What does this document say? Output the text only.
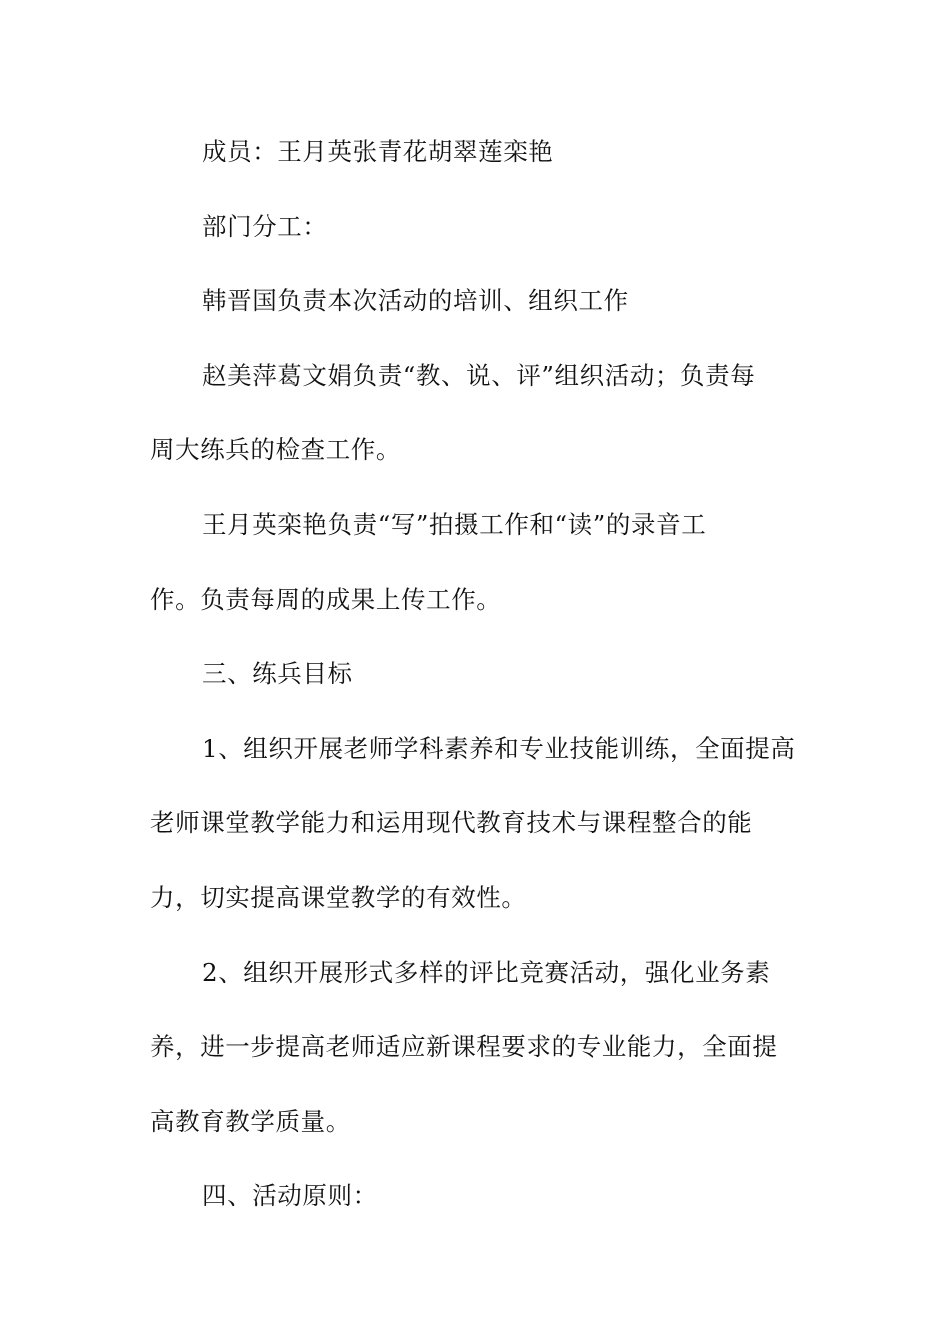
成员：王月英张青花胡翠莲栾艳
部门分工：
韩晋国负责本次活动的培训、组织工作
赵美萍葛文娟负责“教、说、评”组织活动；负责每
周大练兵的检查工作。
王月英栾艳负责“写”拍摄工作和“读”的录音工
作。负责每周的成果上传工作。
三、练兵目标
1、组织开展老师学科素养和专业技能训练，全面提高
老师课堂教学能力和运用现代教育技术与课程整合的能
力，切实提高课堂教学的有效性。
2、组织开展形式多样的评比竞赛活动，强化业务素
养，进一步提高老师适应新课程要求的专业能力，全面提
高教育教学质量。
四、活动原则：
